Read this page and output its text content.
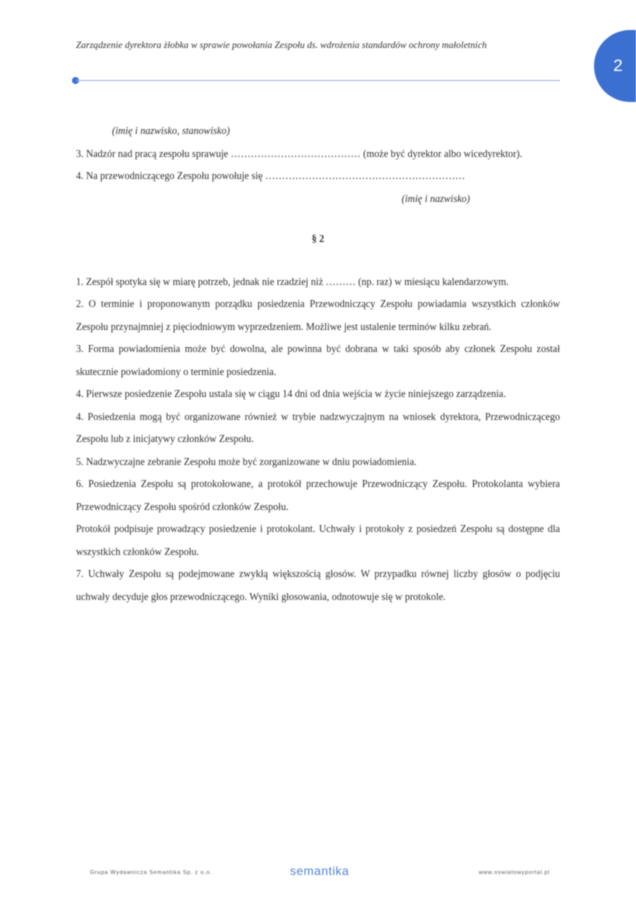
Zarządzenie dyrektora żłobka w sprawie powołania Zespołu ds. wdrożenia standardów ochrony małoletnich
2

(imię i nazwisko, stanowisko)

3. Nadzór nad pracą zespołu sprawuje ………………………………… (może być dyrektor albo wicedyrektor).

4. Na przewodniczącego Zespołu powołuje się ……………………………………………………

(imię i nazwisko)

§ 2

1. Zespół spotyka się w miarę potrzeb, jednak nie rzadziej niż ……… (np. raz) w miesiącu kalendarzowym.

2. O terminie i proponowanym porządku posiedzenia Przewodniczący Zespołu powiadamia wszystkich członków Zespołu przynajmniej z pięciodniowym wyprzedzeniem. Możliwe jest ustalenie terminów kilku zebrań.

3. Forma powiadomienia może być dowolna, ale powinna być dobrana w taki sposób aby członek Zespołu został skutecznie powiadomiony o terminie posiedzenia.

4. Pierwsze posiedzenie Zespołu ustala się w ciągu 14 dni od dnia wejścia w życie niniejszego zarządzenia.

4. Posiedzenia mogą być organizowane również w trybie nadzwyczajnym na wniosek dyrektora, Przewodniczącego Zespołu lub z inicjatywy członków Zespołu.

5. Nadzwyczajne zebranie Zespołu może być zorganizowane w dniu powiadomienia.

6. Posiedzenia Zespołu są protokołowane, a protokół przechowuje Przewodniczący Zespołu. Protokolanta wybiera Przewodniczący Zespołu spośród członków Zespołu.

Protokół podpisuje prowadzący posiedzenie i protokolant. Uchwały i protokoły z posiedzeń Zespołu są dostępne dla wszystkich członków Zespołu.

7. Uchwały Zespołu są podejmowane zwykłą większością głosów. W przypadku równej liczby głosów o podjęciu uchwały decyduje głos przewodniczącego. Wyniki głosowania, odnotowuje się w protokole.

Grupa Wydawnicza Semantika Sp. z o.o.	semantika	www.oswiatowyportal.pl
